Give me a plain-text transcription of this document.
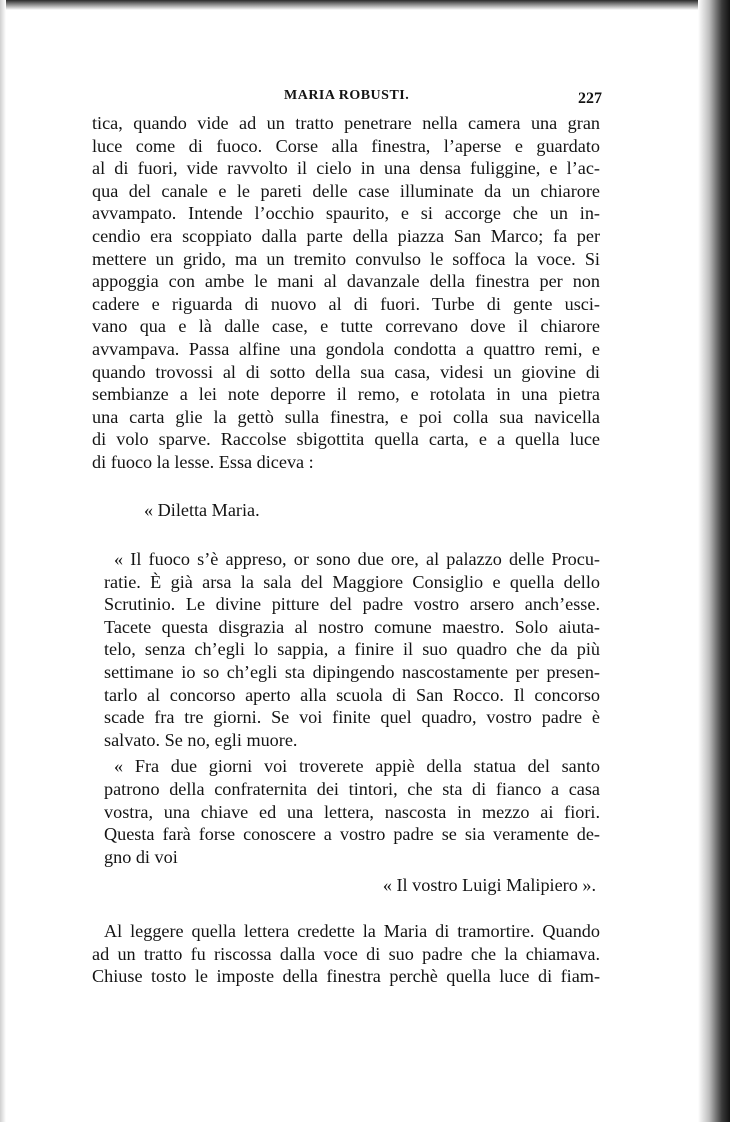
MARIA ROBUSTI.	227
tica, quando vide ad un tratto penetrare nella camera una gran
luce come di fuoco. Corse alla finestra, l’aperse e guardato
al di fuori, vide ravvolto il cielo in una densa fuliggine, e l’ac-
qua del canale e le pareti delle case illuminate da un chiarore
avvampato. Intende l’occhio spaurito, e si accorge che un in-
cendio era scoppiato dalla parte della piazza San Marco; fa per
mettere un grido, ma un tremito convulso le soffoca la voce. Si
appoggia con ambe le mani al davanzale della finestra per non
cadere e riguarda di nuovo al di fuori. Turbe di gente usci-
vano qua e là dalle case, e tutte correvano dove il chiarore
avvampava. Passa alfine una gondola condotta a quattro remi, e
quando trovossi al di sotto della sua casa, videsi un giovine di
sembianze a lei note deporre il remo, e rotolata in una pietra
una carta glie la gettò sulla finestra, e poi colla sua navicella
di volo sparve. Raccolse sbigottita quella carta, e a quella luce
di fuoco la lesse. Essa diceva :
« Diletta Maria.
« Il fuoco s’è appreso, or sono due ore, al palazzo delle Procu-
ratie. È già arsa la sala del Maggiore Consiglio e quella dello
Scrutinio. Le divine pitture del padre vostro arsero anch’esse.
Tacete questa disgrazia al nostro comune maestro. Solo aiuta-
telo, senza ch’egli lo sappia, a finire il suo quadro che da più
settimane io so ch’egli sta dipingendo nascostamente per presen-
tarlo al concorso aperto alla scuola di San Rocco. Il concorso
scade fra tre giorni. Se voi finite quel quadro, vostro padre è
salvato. Se no, egli muore.
« Fra due giorni voi troverete appiè della statua del santo
patrono della confraternita dei tintori, che sta di fianco a casa
vostra, una chiave ed una lettera, nascosta in mezzo ai fiori.
Questa farà forse conoscere a vostro padre se sia veramente de-
gno di voi
« Il vostro Luigi Malipiero ».
Al leggere quella lettera credette la Maria di tramortire. Quando
ad un tratto fu riscossa dalla voce di suo padre che la chiamava.
Chiuse tosto le imposte della finestra perchè quella luce di fiam-
